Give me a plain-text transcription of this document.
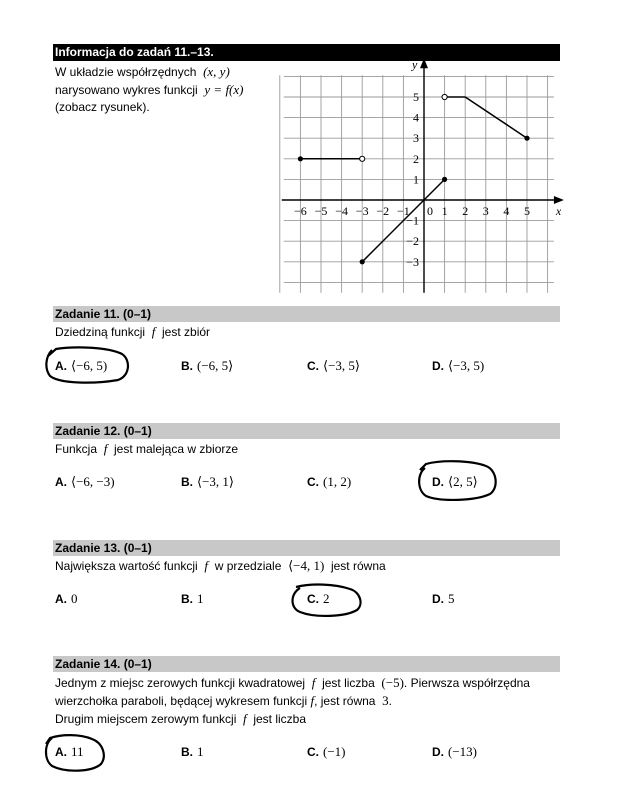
Informacja do zadań 11.–13.
W układzie współrzędnych (x, y)
narysowano wykres funkcji y = f(x)
(zobacz rysunek).
x
y
−6 −5 −4 −3 −2 −1 0 1 2 3 4 5
5
4
3
2
1
−1
−2
−3
Zadanie 11. (0–1)
Dziedziną funkcji f jest zbiór
A. ⟨−6, 5)	B. (−6, 5⟩	C. ⟨−3, 5⟩	D. ⟨−3, 5)
Zadanie 12. (0–1)
Funkcja f jest malejąca w zbiorze
A. ⟨−6, −3)	B. ⟨−3, 1⟩	C. (1, 2)	D. ⟨2, 5⟩
Zadanie 13. (0–1)
Największa wartość funkcji f w przedziale ⟨−4, 1) jest równa
A. 0	B. 1	C. 2	D. 5
Zadanie 14. (0–1)
Jednym z miejsc zerowych funkcji kwadratowej f jest liczba (−5). Pierwsza współrzędna
wierzchołka paraboli, będącej wykresem funkcji f, jest równa 3.
Drugim miejscem zerowym funkcji f jest liczba
A. 11	B. 1	C. (−1)	D. (−13)
